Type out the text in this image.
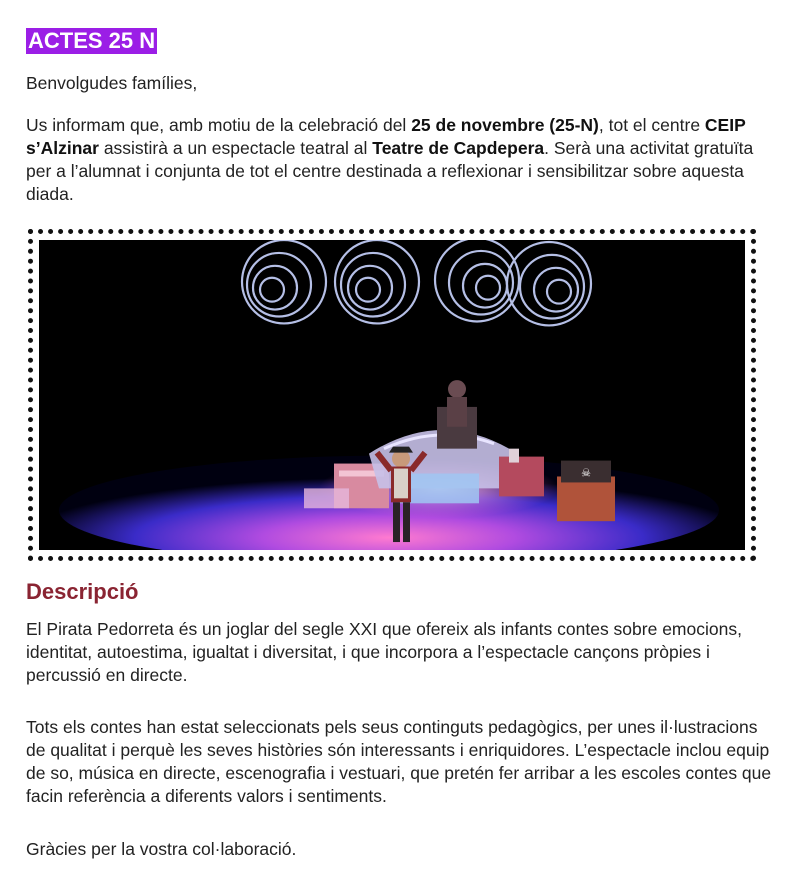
ACTES 25 N

Benvolgudes famílies,

Us informam que, amb motiu de la celebració del 25 de novembre (25-N), tot el centre CEIP s’Alzinar assistirà a un espectacle teatral al Teatre de Capdepera. Serà una activitat gratuïta per a l’alumnat i conjunta de tot el centre destinada a reflexionar i sensibilitzar sobre aquesta diada.

☠
Descripció

El Pirata Pedorreta és un joglar del segle XXI que ofereix als infants contes sobre emocions, identitat, autoestima, igualtat i diversitat, i que incorpora a l’espectacle cançons pròpies i percussió en directe.

Tots els contes han estat seleccionats pels seus continguts pedagògics, per unes il·lustracions de qualitat i perquè les seves històries són interessants i enriquidores. L’espectacle inclou equip de so, música en directe, escenografia i vestuari, que pretén fer arribar a les escoles contes que facin referència a diferents valors i sentiments.

Gràcies per la vostra col·laboració.
